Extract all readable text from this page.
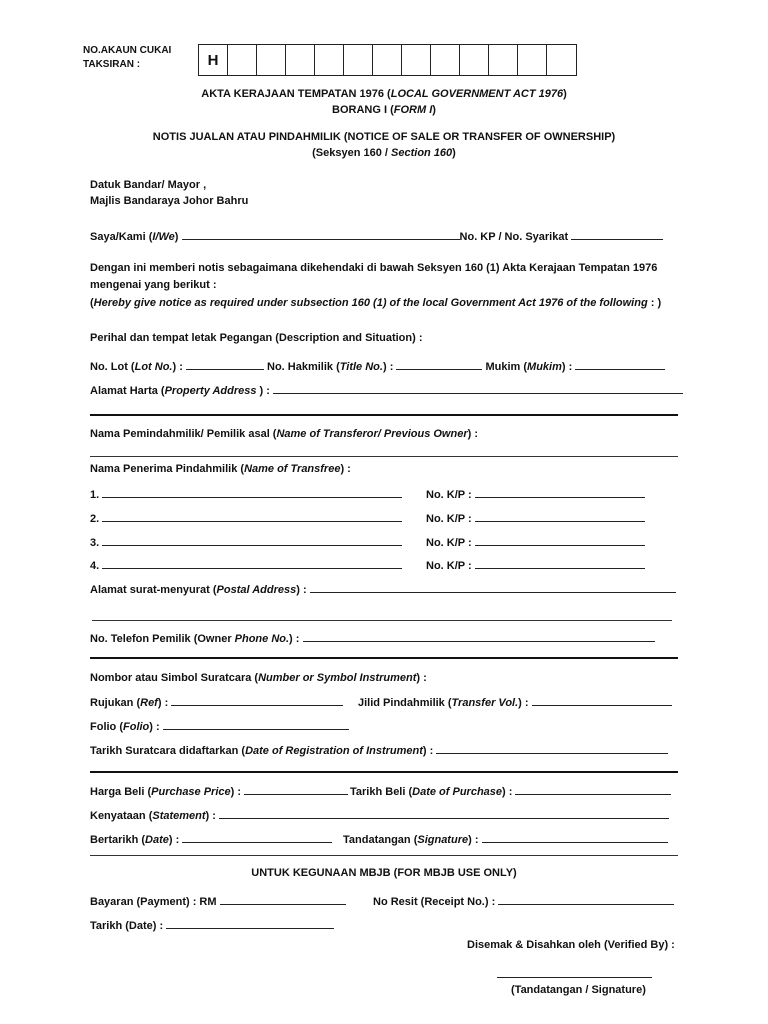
NO.AKAUN CUKAI
TAKSIRAN :	H
AKTA KERAJAAN TEMPATAN 1976 (LOCAL GOVERNMENT ACT 1976)
BORANG I (FORM I)
NOTIS JUALAN ATAU PINDAHMILIK (NOTICE OF SALE OR TRANSFER OF OWNERSHIP)
(Seksyen 160 / Section 160)
Datuk Bandar/ Mayor ,
Majlis Bandaraya Johor Bahru
Saya/Kami (I/We)	No. KP / No. Syarikat
Dengan ini memberi notis sebagaimana dikehendaki di bawah Seksyen 160 (1) Akta Kerajaan Tempatan 1976
mengenai yang berikut :
(Hereby give notice as required under subsection 160 (1) of the local Government Act 1976 of the following : )
Perihal dan tempat letak Pegangan (Description and Situation) :
No. Lot (Lot No.) :	No. Hakmilik (Title No.) :	Mukim (Mukim) :
Alamat Harta (Property Address ) :
Nama Pemindahmilik/ Pemilik asal (Name of Transferor/ Previous Owner) :
Nama Penerima Pindahmilik (Name of Transfree) :
1.	No. K/P :
2.	No. K/P :
3.	No. K/P :
4.	No. K/P :
Alamat surat-menyurat (Postal Address) :
No. Telefon Pemilik (Owner Phone No.) :
Nombor atau Simbol Suratcara (Number or Symbol Instrument) :
Rujukan (Ref) :	Jilid Pindahmilik (Transfer Vol.) :
Folio (Folio) :
Tarikh Suratcara didaftarkan (Date of Registration of Instrument) :
Harga Beli (Purchase Price) :	Tarikh Beli (Date of Purchase) :
Kenyataan (Statement) :
Bertarikh (Date) :	Tandatangan (Signature) :
UNTUK KEGUNAAN MBJB (FOR MBJB USE ONLY)
Bayaran (Payment) : RM	No Resit (Receipt No.) :
Tarikh (Date) :
Disemak & Disahkan oleh (Verified By) :
(Tandatangan / Signature)
